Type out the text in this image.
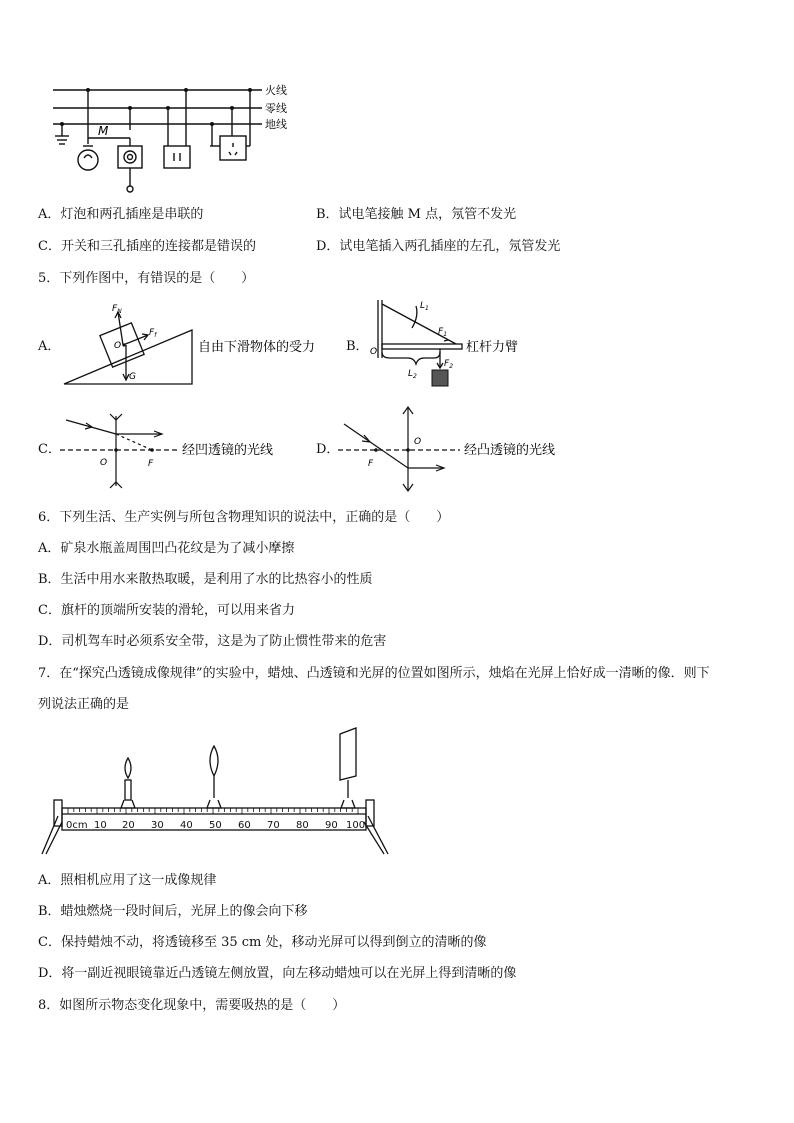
火线
零线
地线
M
A．灯泡和两孔插座是串联的	B．试电笔接触 M 点，氖管不发光
C．开关和三孔插座的连接都是错误的	D．试电笔插入两孔插座的左孔，氖管发光
5．下列作图中，有错误的是（　　）
A．
$F_N$
$F_f$
O
G
自由下滑物体的受力 B． O
$L_1$
$F_1$
$F_2$
$L_2$
杠杆力臂
C．
O	F
经凹透镜的光线	D．	O
F
经凸透镜的光线
6．下列生活、生产实例与所包含物理知识的说法中，正确的是（　　）
A．矿泉水瓶盖周围凹凸花纹是为了减小摩擦
B．生活中用水来散热取暖，是利用了水的比热容小的性质
C．旗杆的顶端所安装的滑轮，可以用来省力
D．司机驾车时必须系安全带，这是为了防止惯性带来的危害
7．在“探究凸透镜成像规律”的实验中，蜡烛、凸透镜和光屏的位置如图所示，烛焰在光屏上恰好成一清晰的像．则下
列说法正确的是
0cm 10 20 30 40 50 60 70 80 90 100
A．照相机应用了这一成像规律
B．蜡烛燃烧一段时间后，光屏上的像会向下移
C．保持蜡烛不动，将透镜移至 35 cm 处，移动光屏可以得到倒立的清晰的像
D．将一副近视眼镜靠近凸透镜左侧放置，向左移动蜡烛可以在光屏上得到清晰的像
8．如图所示物态变化现象中，需要吸热的是（　　）
